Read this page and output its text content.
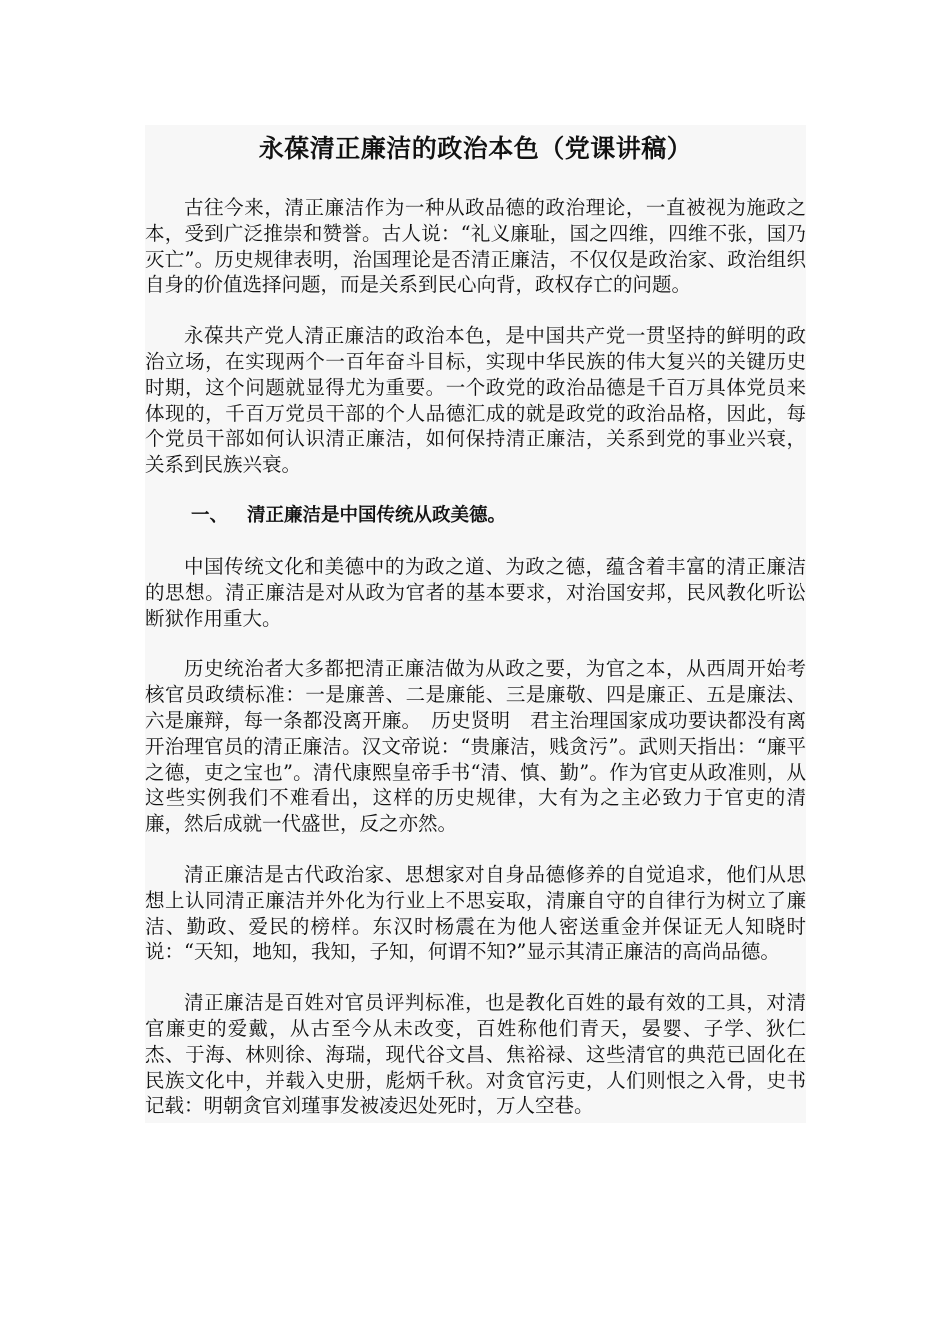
永葆清正廉洁的政治本色（党课讲稿）

古往今来，清正廉洁作为一种从政品德的政治理论，一直被视为施政之本，受到广泛推崇和赞誉。古人说：“礼义廉耻，国之四维，四维不张，国乃灭亡”。历史规律表明，治国理论是否清正廉洁，不仅仅是政治家、政治组织自身的价值选择问题，而是关系到民心向背，政权存亡的问题。

永葆共产党人清正廉洁的政治本色，是中国共产党一贯坚持的鲜明的政治立场，在实现两个一百年奋斗目标，实现中华民族的伟大复兴的关键历史时期，这个问题就显得尤为重要。一个政党的政治品德是千百万具体党员来体现的，千百万党员干部的个人品德汇成的就是政党的政治品格，因此，每个党员干部如何认识清正廉洁，如何保持清正廉洁，关系到党的事业兴衰，关系到民族兴衰。

一、 清正廉洁是中国传统从政美德。

中国传统文化和美德中的为政之道、为政之德，蕴含着丰富的清正廉洁的思想。清正廉洁是对从政为官者的基本要求，对治国安邦，民风教化听讼断狱作用重大。

历史统治者大多都把清正廉洁做为从政之要，为官之本，从西周开始考核官员政绩标准：一是廉善、二是廉能、三是廉敬、四是廉正、五是廉法、六是廉辩，每一条都没离开廉。　历史贤明　君主治理国家成功要诀都没有离开治理官员的清正廉洁。汉文帝说：“贵廉洁，贱贪污”。武则天指出：“廉平之德，吏之宝也”。清代康熙皇帝手书“清、慎、勤”。作为官吏从政准则，从这些实例我们不难看出，这样的历史规律，大有为之主必致力于官吏的清廉，然后成就一代盛世，反之亦然。

清正廉洁是古代政治家、思想家对自身品德修养的自觉追求，他们从思想上认同清正廉洁并外化为行业上不思妄取，清廉自守的自律行为树立了廉洁、勤政、爱民的榜样。东汉时杨震在为他人密送重金并保证无人知晓时说：“天知，地知，我知，子知，何谓不知?”显示其清正廉洁的高尚品德。

清正廉洁是百姓对官员评判标准，也是教化百姓的最有效的工具，对清官廉吏的爱戴，从古至今从未改变，百姓称他们青天，晏婴、子学、狄仁杰、于海、林则徐、海瑞，现代谷文昌、焦裕禄、这些清官的典范已固化在民族文化中，并载入史册，彪炳千秋。对贪官污吏，人们则恨之入骨，史书记载：明朝贪官刘瑾事发被凌迟处死时，万人空巷。
